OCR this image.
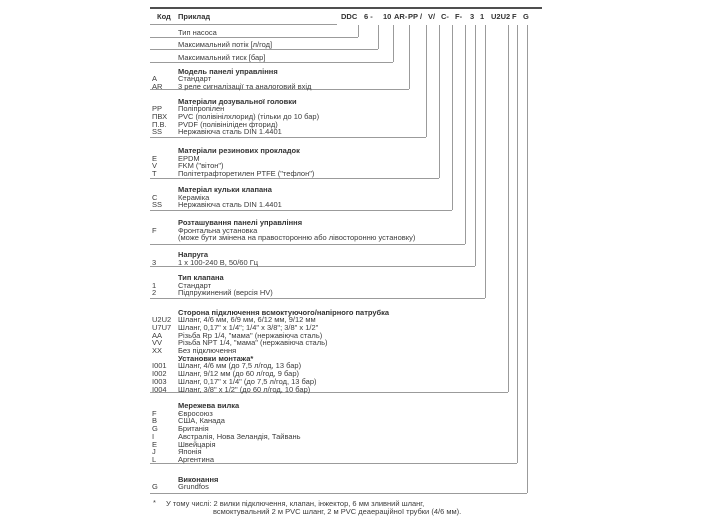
Код Приклад	DDC 6 - 10 AR- PP / V/ C- F- 3 1 U2U2 F G
Тип насоса
Максимальний потік [л/год]
Максимальний тиск [бар]
Модель панелі управління
A	Стандарт
AR 3 реле сигналізації та аналоговий вхід
Матеріали дозувальної головки
PP Поліпропілен
ПВХ PVC (полівінілхлорид) (тільки до 10 бар)
П.В. PVDF (полівініліден фторид)
SS Нержавіюча сталь DIN 1.4401
Матеріали резинових прокладок
E	EPDM
V	FKM ("вітон")
T	Політетрафторетилен PTFE ("тефлон")
Матеріал кульки клапана
C	Кераміка
SS Нержавіюча сталь DIN 1.4401
Розташування панелі управління
F	Фронтальна установка
(може бути змінена на правосторонню або лівосторонню установку)
Напруга
3	1 x 100-240 В, 50/60 Гц
Тип клапана
1	Стандарт
2	Підпружинений (версія HV)
Сторона підключення всмоктуючого/напірного патрубка
U2U2 Шланг, 4/6 мм, 6/9 мм, 6/12 мм, 9/12 мм
U7U7 Шланг, 0,17" x 1/4"; 1/4" x 3/8"; 3/8" x 1/2"
AA Різьба Rp 1/4, "мама" (нержавіюча сталь)
VV Різьба NPT 1/4, "мама" (нержавіюча сталь)
XX Без підключення
Установки монтажа*
I001 Шланг, 4/6 мм (до 7,5 л/год, 13 бар)
I002 Шланг, 9/12 мм (до 60 л/год, 9 бар)
I003 Шланг, 0,17" x 1/4" (до 7,5 л/год, 13 бар)
I004 Шланг, 3/8" x 1/2" (до 60 л/год, 10 бар)
Мережева вилка
F	Євросоюз
B	США, Канада
G	Британія
I	Австралія, Нова Зеландія, Тайвань
E	Швейцарія
J	Японія
L	Аргентина
Виконання
G	Grundfos
* У тому числі: 2 вилки підключення, клапан, інжектор, 6 мм зливний шланг,
всмоктувальний 2 м PVC шланг, 2 м PVC деаераційної трубки (4/6 мм).
